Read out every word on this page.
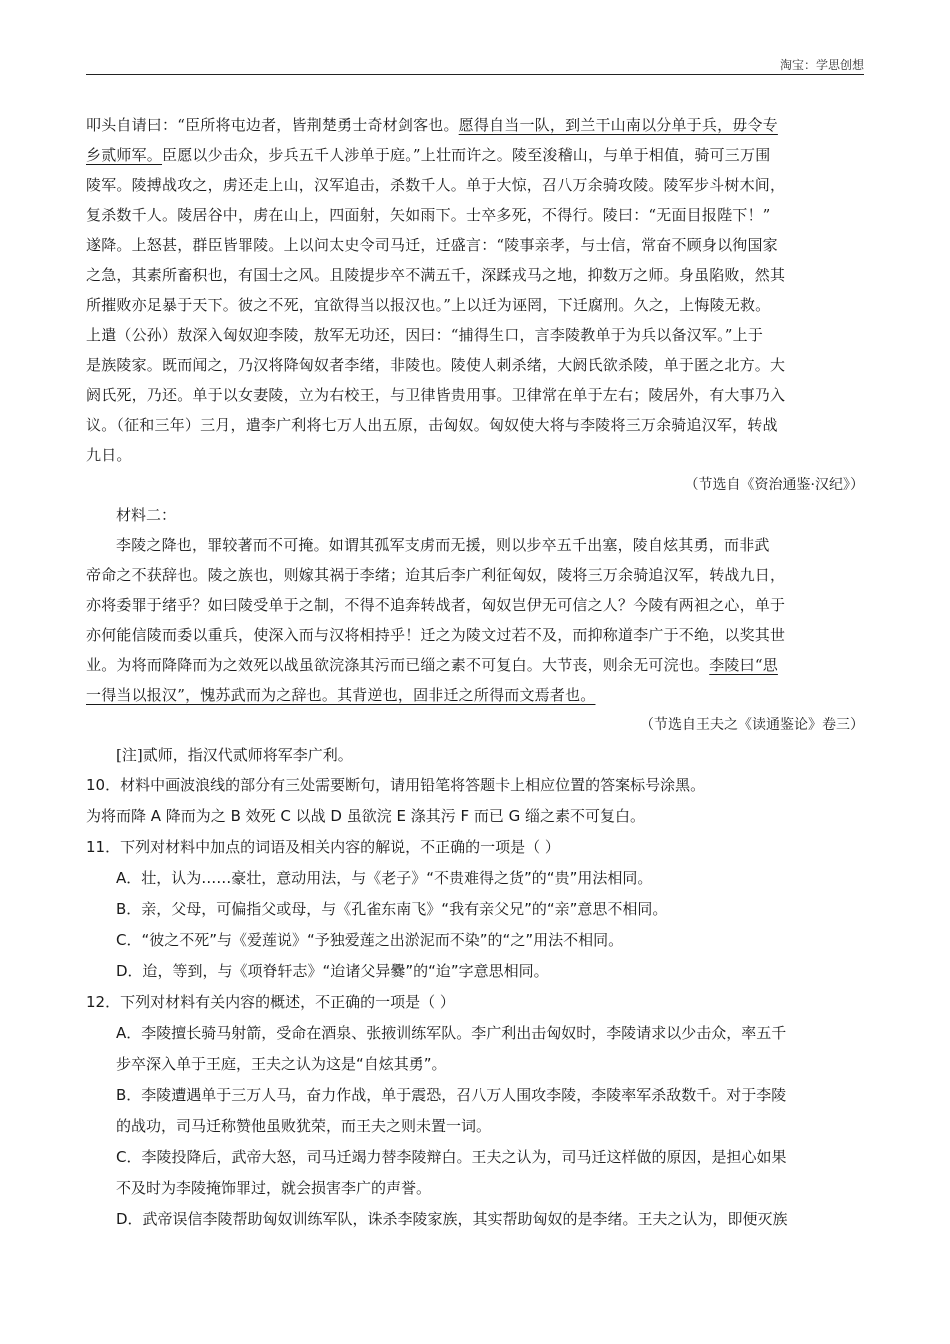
淘宝：学思创想

叩头自请曰：“臣所将屯边者，皆荆楚勇士奇材剑客也。愿得自当一队，到兰干山南以分单于兵，毋令专

乡贰师军。臣愿以少击众，步兵五千人涉单于庭。”上壮而许之。陵至浚稽山，与单于相值，骑可三万围

陵军。陵搏战攻之，虏还走上山，汉军追击，杀数千人。单于大惊，召八万余骑攻陵。陵军步斗树木间，

复杀数千人。陵居谷中，虏在山上，四面射，矢如雨下。士卒多死，不得行。陵曰：“无面目报陛下！”

遂降。上怒甚，群臣皆罪陵。上以问太史令司马迁，迁盛言：“陵事亲孝，与士信，常奋不顾身以徇国家

之急，其素所畜积也，有国士之风。且陵提步卒不满五千，深蹂戎马之地，抑数万之师。身虽陷败，然其

所摧败亦足暴于天下。彼之不死，宜欲得当以报汉也。”上以迁为诬罔，下迁腐刑。久之，上悔陵无救。

上遣（公孙）敖深入匈奴迎李陵，敖军无功还，因曰：“捕得生口，言李陵教单于为兵以备汉军。”上于

是族陵家。既而闻之，乃汉将降匈奴者李绪，非陵也。陵使人刺杀绪，大阏氏欲杀陵，单于匿之北方。大

阏氏死，乃还。单于以女妻陵，立为右校王，与卫律皆贵用事。卫律常在单于左右；陵居外，有大事乃入

议。（征和三年）三月，遣李广利将七万人出五原，击匈奴。匈奴使大将与李陵将三万余骑追汉军，转战

九日。

（节选自《资治通鉴·汉纪》）

材料二：

李陵之降也，罪较著而不可掩。如谓其孤军支虏而无援，则以步卒五千出塞，陵自炫其勇，而非武

帝命之不获辞也。陵之族也，则嫁其祸于李绪；迨其后李广利征匈奴，陵将三万余骑追汉军，转战九日，

亦将委罪于绪乎？如曰陵受单于之制，不得不追奔转战者，匈奴岂伊无可信之人？今陵有两袒之心，单于

亦何能信陵而委以重兵，使深入而与汉将相持乎！迁之为陵文过若不及，而抑称道李广于不绝，以奖其世

业。为将而降降而为之效死以战虽欲浣涤其污而已缁之素不可复白。大节丧，则余无可浣也。李陵曰“思

一得当以报汉”，愧苏武而为之辞也。其背逆也，固非迁之所得而文焉者也。

（节选自王夫之《读通鉴论》卷三）

[注]贰师，指汉代贰师将军李广利。

10．材料中画波浪线的部分有三处需要断句，请用铅笔将答题卡上相应位置的答案标号涂黑。

为将而降 A 降而为之 B 效死 C 以战 D 虽欲浣 E 涤其污 F 而已 G 缁之素不可复白。

11．下列对材料中加点的词语及相关内容的解说，不正确的一项是（ ）

A．壮，认为……豪壮，意动用法，与《老子》“不贵难得之货”的“贵”用法相同。

B．亲，父母，可偏指父或母，与《孔雀东南飞》“我有亲父兄”的“亲”意思不相同。

C．“彼之不死”与《爱莲说》“予独爱莲之出淤泥而不染”的“之”用法不相同。

D．迨，等到，与《项脊轩志》“迨诸父异爨”的“迨”字意思相同。

12．下列对材料有关内容的概述，不正确的一项是（ ）

A．李陵擅长骑马射箭，受命在酒泉、张掖训练军队。李广利出击匈奴时，李陵请求以少击众，率五千

步卒深入单于王庭，王夫之认为这是“自炫其勇”。

B．李陵遭遇单于三万人马，奋力作战，单于震恐，召八万人围攻李陵，李陵率军杀敌数千。对于李陵

的战功，司马迁称赞他虽败犹荣，而王夫之则未置一词。

C．李陵投降后，武帝大怒，司马迁竭力替李陵辩白。王夫之认为，司马迁这样做的原因，是担心如果

不及时为李陵掩饰罪过，就会损害李广的声誉。

D．武帝误信李陵帮助匈奴训练军队，诛杀李陵家族，其实帮助匈奴的是李绪。王夫之认为，即便灭族
